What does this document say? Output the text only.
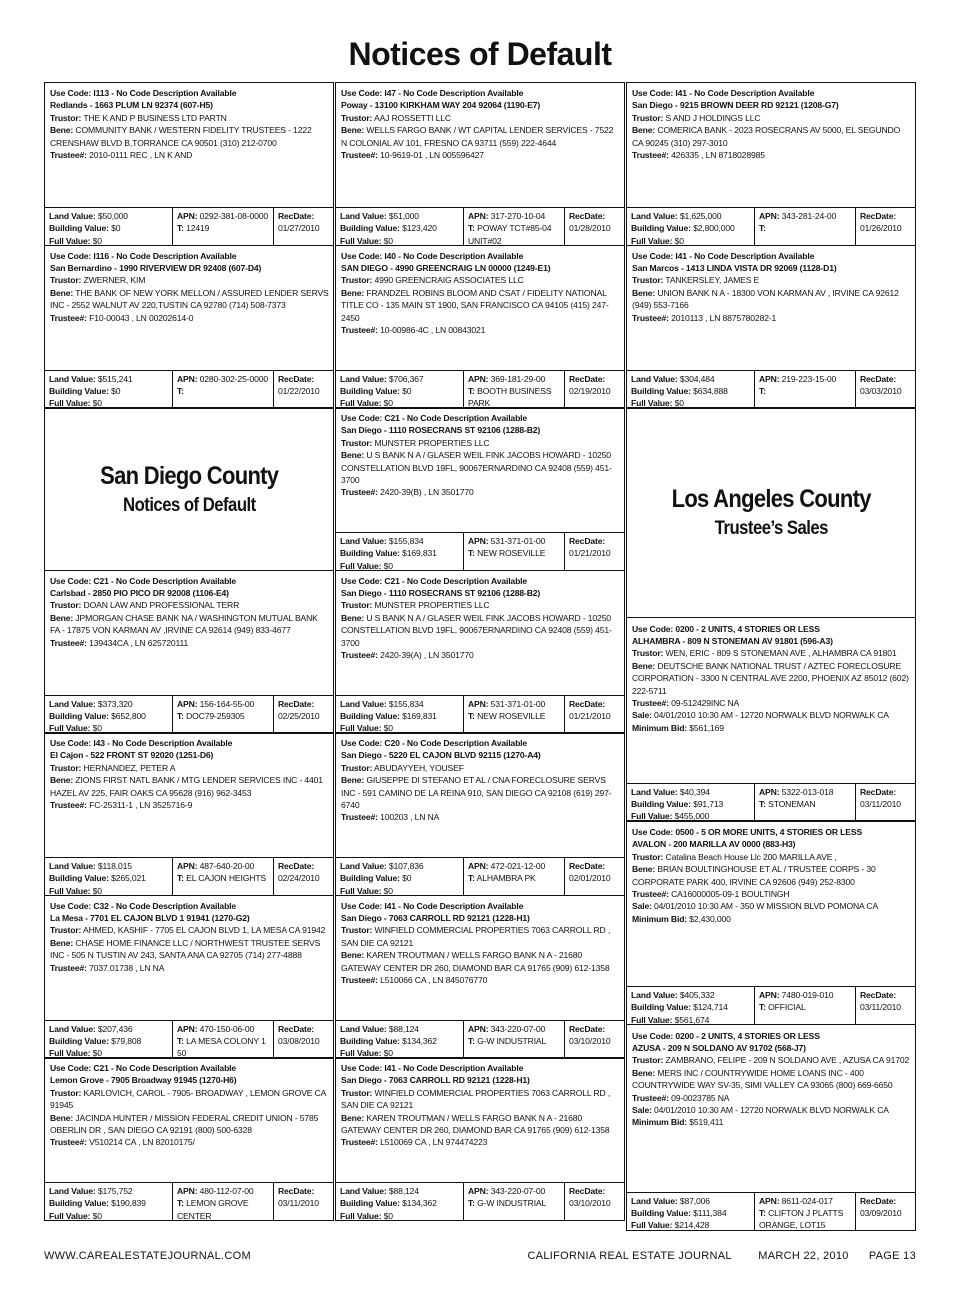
Notices of Default
Use Code: I113 - No Code Description Available
Redlands - 1663 PLUM LN 92374 (607-H5)
Trustor: THE K AND P BUSINESS LTD PARTN
Bene: COMMUNITY BANK / WESTERN FIDELITY TRUSTEES - 1222 CRENSHAW BLVD B,TORRANCE CA 90501 (310) 212-0700
Trustee#: 2010-0111 REC , LN K AND
Land Value: $50,000
Building Value: $0
Full Value: $0
APN: 0292-381-08-0000
T: 12419
RecDate:
01/27/2010
Use Code: I116 - No Code Description Available
San Bernardino - 1990 RIVERVIEW DR 92408 (607-D4)
Trustor: ZWERNER, KIM
Bene: THE BANK OF NEW YORK MELLON / ASSURED LENDER SERVS INC - 2552 WALNUT AV 220,TUSTIN CA 92780 (714) 508-7373
Trustee#: F10-00043 , LN 00202614-0
Land Value: $515,241
Building Value: $0
Full Value: $0
APN: 0280-302-25-0000
T:
RecDate:
01/22/2010
San Diego County
Notices of Default
Use Code: C21 - No Code Description Available
Carlsbad - 2850 PIO PICO DR 92008 (1106-E4)
Trustor: DOAN LAW AND PROFESSIONAL TERR
Bene: JPMORGAN CHASE BANK NA / WASHINGTON MUTUAL BANK FA - 17875 VON KARMAN AV ,IRVINE CA 92614 (949) 833-4677
Trustee#: 139434CA , LN 625720111
Land Value: $373,320
Building Value: $652,800
Full Value: $0
APN: 156-164-55-00
T: DOC79-259305
RecDate:
02/25/2010
Use Code: I43 - No Code Description Available
El Cajon - 522 FRONT ST 92020 (1251-D6)
Trustor: HERNANDEZ, PETER A
Bene: ZIONS FIRST NATL BANK / MTG LENDER SERVICES INC - 4401 HAZEL AV 225, FAIR OAKS CA 95628 (916) 962-3453
Trustee#: FC-25311-1 , LN 3525716-9
Land Value: $118,015
Building Value: $265,021
Full Value: $0
APN: 487-640-20-00
T: EL CAJON HEIGHTS
RecDate:
02/24/2010
Use Code: C32 - No Code Description Available
La Mesa - 7701 EL CAJON BLVD 1 91941 (1270-G2)
Trustor: AHMED, KASHIF - 7705 EL CAJON BLVD 1, LA MESA CA 91942
Bene: CHASE HOME FINANCE LLC / NORTHWEST TRUSTEE SERVS INC - 505 N TUSTIN AV 243, SANTA ANA CA 92705 (714) 277-4888
Trustee#: 7037.01738 , LN NA
Land Value: $207,436
Building Value: $79,808
Full Value: $0
APN: 470-150-06-00
T: LA MESA COLONY 1 50
RecDate:
03/08/2010
Use Code: C21 - No Code Description Available
Lemon Grove - 7905 Broadway 91945 (1270-H6)
Trustor: KARLOVICH, CAROL - 7905- BROADWAY , LEMON GROVE CA 91945
Bene: JACINDA HUNTER / MISSION FEDERAL CREDIT UNION - 5785 OBERLIN DR , SAN DIEGO CA 92191 (800) 500-6328
Trustee#: V510214 CA , LN 82010175/
Land Value: $175,752
Building Value: $190,839
Full Value: $0
APN: 480-112-07-00
T: LEMON GROVE CENTER
RecDate:
03/11/2010
Use Code: I47 - No Code Description Available
Poway - 13100 KIRKHAM WAY 204 92064 (1190-E7)
Trustor: AAJ ROSSETTI LLC
Bene: WELLS FARGO BANK / WT CAPITAL LENDER SERVICES - 7522 N COLONIAL AV 101, FRESNO CA 93711 (559) 222-4644
Trustee#: 10-9619-01 , LN 005596427
Land Value: $51,000
Building Value: $123,420
Full Value: $0
APN: 317-270-10-04
T: POWAY TCT#85-04 UNIT#02
RecDate:
01/28/2010
Use Code: I40 - No Code Description Available
SAN DIEGO - 4990 GREENCRAIG LN 00000 (1249-E1)
Trustor: 4990 GREENCRAIG ASSOCIATES LLC
Bene: FRANDZEL ROBINS BLOOM AND CSAT / FIDELITY NATIONAL TITLE CO - 135 MAIN ST 1900, SAN FRANCISCO CA 94105 (415) 247-2450
Trustee#: 10-00986-4C , LN 00843021
Land Value: $706,367
Building Value: $0
Full Value: $0
APN: 369-181-29-00
T: BOOTH BUSINESS PARK
RecDate:
02/19/2010
Use Code: C21 - No Code Description Available
San Diego - 1110 ROSECRANS ST 92106 (1288-B2)
Trustor: MUNSTER PROPERTIES LLC
Bene: U S BANK N A / GLASER WEIL FINK JACOBS HOWARD - 10250 CONSTELLATION BLVD 19FL, 90067ERNARDINO CA 92408 (559) 451-3700
Trustee#: 2420-39(B) , LN 3501770
Land Value: $155,834
Building Value: $169,831
Full Value: $0
APN: 531-371-01-00
T: NEW ROSEVILLE
RecDate:
01/21/2010
Use Code: C21 - No Code Description Available
San Diego - 1110 ROSECRANS ST 92106 (1288-B2)
Trustor: MUNSTER PROPERTIES LLC
Bene: U S BANK N A / GLASER WEIL FINK JACOBS HOWARD - 10250 CONSTELLATION BLVD 19FL, 90067ERNARDINO CA 92408 (559) 451-3700
Trustee#: 2420-39(A) , LN 3501770
Land Value: $155,834
Building Value: $169,831
Full Value: $0
APN: 531-371-01-00
T: NEW ROSEVILLE
RecDate:
01/21/2010
Use Code: C20 - No Code Description Available
San Diego - 5220 EL CAJON BLVD 92115 (1270-A4)
Trustor: ABUDAYYEH, YOUSEF
Bene: GIUSEPPE DI STEFANO ET AL / CNA FORECLOSURE SERVS INC - 591 CAMINO DE LA REINA 910, SAN DIEGO CA 92108 (619) 297-6740
Trustee#: 100203 , LN NA
Land Value: $107,836
Building Value: $0
Full Value: $0
APN: 472-021-12-00
T: ALHAMBRA PK
RecDate:
02/01/2010
Use Code: I41 - No Code Description Available
San Diego - 7063 CARROLL RD 92121 (1228-H1)
Trustor: WINFIELD COMMERCIAL PROPERTIES 7063 CARROLL RD , SAN DIE CA 92121
Bene: KAREN TROUTMAN / WELLS FARGO BANK N A - 21680 GATEWAY CENTER DR 260, DIAMOND BAR CA 91765 (909) 612-1358
Trustee#: L510066 CA , LN 845076770
Land Value: $88,124
Building Value: $134,362
Full Value: $0
APN: 343-220-07-00
T: G-W INDUSTRIAL
RecDate:
03/10/2010
Use Code: I41 - No Code Description Available
San Diego - 7063 CARROLL RD 92121 (1228-H1)
Trustor: WINFIELD COMMERCIAL PROPERTIES 7063 CARROLL RD , SAN DIE CA 92121
Bene: KAREN TROUTMAN / WELLS FARGO BANK N A - 21680 GATEWAY CENTER DR 260, DIAMOND BAR CA 91765 (909) 612-1358
Trustee#: L510069 CA , LN 974474223
Land Value: $88,124
Building Value: $134,362
Full Value: $0
APN: 343-220-07-00
T: G-W INDUSTRIAL
RecDate:
03/10/2010
Use Code: I41 - No Code Description Available
San Diego - 9215 BROWN DEER RD 92121 (1208-G7)
Trustor: S AND J HOLDINGS LLC
Bene: COMERICA BANK - 2023 ROSECRANS AV 5000, EL SEGUNDO CA 90245 (310) 297-3010
Trustee#: 426335 , LN 8718028985
Land Value: $1,625,000
Building Value: $2,800,000
Full Value: $0
APN: 343-281-24-00
T:
RecDate:
01/26/2010
Use Code: I41 - No Code Description Available
San Marcos - 1413 LINDA VISTA DR 92069 (1128-D1)
Trustor: TANKERSLEY, JAMES E
Bene: UNION BANK N A - 18300 VON KARMAN AV , IRVINE CA 92612 (949) 553-7166
Trustee#: 2010113 , LN 8875780282-1
Land Value: $304,484
Building Value: $634,888
Full Value: $0
APN: 219-223-15-00
T:
RecDate:
03/03/2010
Los Angeles County
Trustee’s Sales
Use Code: 0200 - 2 UNITS, 4 STORIES OR LESS
ALHAMBRA - 809 N STONEMAN AV 91801 (596-A3)
Trustor: WEN, ERIC - 809 S STONEMAN AVE , ALHAMBRA CA 91801
Bene: DEUTSCHE BANK NATIONAL TRUST / AZTEC FORECLOSURE CORPORATION - 3300 N CENTRAL AVE 2200, PHOENIX AZ 85012 (602) 222-5711
Trustee#: 09-512429INC NA
Sale: 04/01/2010 10:30 AM - 12720 NORWALK BLVD NORWALK CA
Minimum Bid: $561,169
Land Value: $40,394
Building Value: $91,713
Full Value: $455,000
APN: 5322-013-018
T: STONEMAN
RecDate:
03/11/2010
Use Code: 0500 - 5 OR MORE UNITS, 4 STORIES OR LESS
AVALON - 200 MARILLA AV 0000 (883-H3)
Trustor: Catalina Beach House Llc 200 MARILLA AVE ,
Bene: BRIAN BOULTINGHOUSE ET AL / TRUSTEE CORPS - 30 CORPORATE PARK 400, IRVINE CA 92606 (949) 252-8300
Trustee#: CA16000005-09-1 BOULTINGH
Sale: 04/01/2010 10:30 AM - 350 W MISSION BLVD POMONA CA
Minimum Bid: $2,430,000
Land Value: $405,332
Building Value: $124,714
Full Value: $561,674
APN: 7480-019-010
T: OFFICIAL
RecDate:
03/11/2010
Use Code: 0200 - 2 UNITS, 4 STORIES OR LESS
AZUSA - 209 N SOLDANO AV 91702 (568-J7)
Trustor: ZAMBRANO, FELIPE - 209 N SOLDANO AVE , AZUSA CA 91702
Bene: MERS INC / COUNTRYWIDE HOME LOANS INC - 400 COUNTRYWIDE WAY SV-35, SIMI VALLEY CA 93065 (800) 669-6650
Trustee#: 09-0023785 NA
Sale: 04/01/2010 10:30 AM - 12720 NORWALK BLVD NORWALK CA
Minimum Bid: $519,411
Land Value: $87,006
Building Value: $111,384
Full Value: $214,428
APN: 8611-024-017
T: CLIFTON J PLATTS ORANGE, LOT15
RecDate:
03/09/2010
WWW.CAREALESTATEJOURNAL.COM	CALIFORNIA REAL ESTATE JOURNAL MARCH 22, 2010 PAGE 13
